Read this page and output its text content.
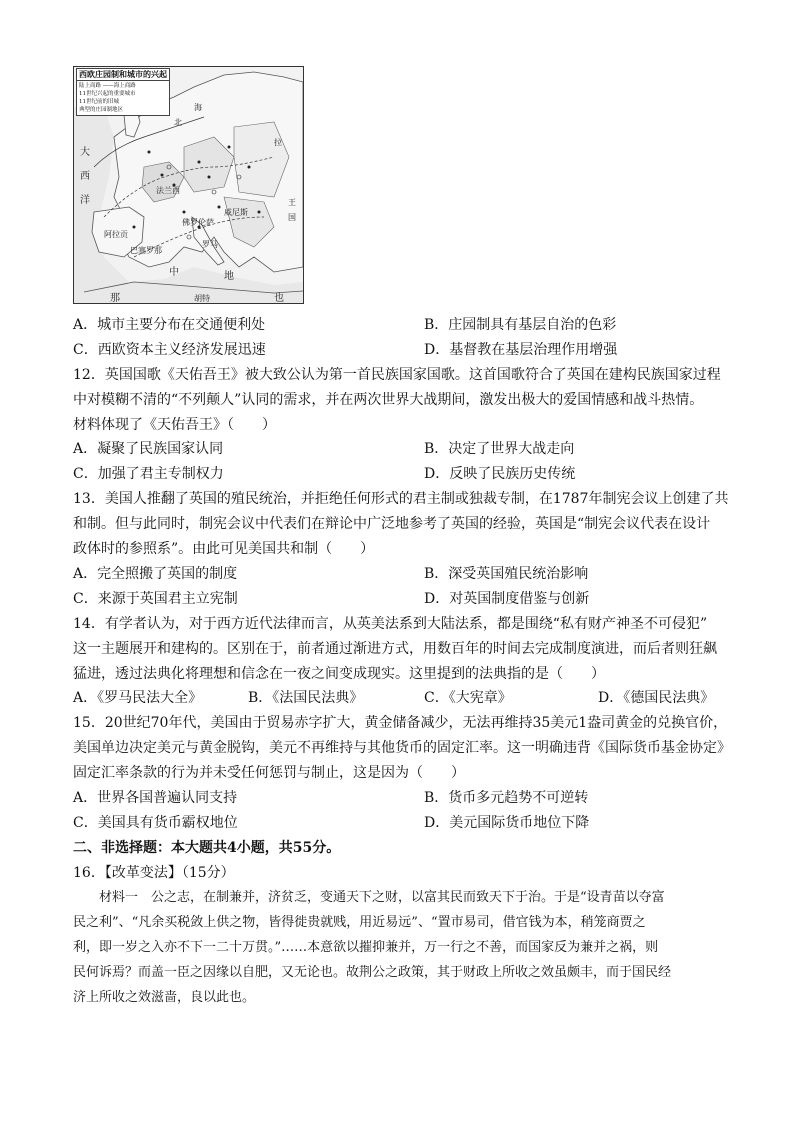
西欧庄园制和城市的兴起
陆上商路 ——海上商路
11世纪兴起的重要城市
11世纪前的旧城
典型的庄园制地区
大
西
洋
北
海
拉
王
国
法兰西
威尼斯
罗马
阿拉贡
巴塞罗那
佛罗伦萨
中	地
那	也
胡特
A．城市主要分布在交通便利处	B．庄园制具有基层自治的色彩
C．西欧资本主义经济发展迅速	D．基督教在基层治理作用增强
12．英国国歌《天佑吾王》被大致公认为第一首民族国家国歌。这首国歌符合了英国在建构民族国家过程
中对模糊不清的“不列颠人”认同的需求，并在两次世界大战期间，激发出极大的爱国情感和战斗热情。
材料体现了《天佑吾王》（　　）
A．凝聚了民族国家认同	B．决定了世界大战走向
C．加强了君主专制权力	D．反映了民族历史传统
13．美国人推翻了英国的殖民统治，并拒绝任何形式的君主制或独裁专制，在1787年制宪会议上创建了共
和制。但与此同时，制宪会议中代表们在辩论中广泛地参考了英国的经验，英国是“制宪会议代表在设计
政体时的参照系”。由此可见美国共和制（　　）
A．完全照搬了英国的制度	B．深受英国殖民统治影响
C．来源于英国君主立宪制	D．对英国制度借鉴与创新
14．有学者认为，对于西方近代法律而言，从英美法系到大陆法系，都是围绕“私有财产神圣不可侵犯”
这一主题展开和建构的。区别在于，前者通过渐进方式，用数百年的时间去完成制度演进，而后者则狂飙
猛进，透过法典化将理想和信念在一夜之间变成现实。这里提到的法典指的是（　　）
A．《罗马民法大全》	B．《法国民法典》	C．《大宪章》	D．《德国民法典》
15．20世纪70年代，美国由于贸易赤字扩大，黄金储备减少，无法再维持35美元1盎司黄金的兑换官价，
美国单边决定美元与黄金脱钩，美元不再维持与其他货币的固定汇率。这一明确违背《国际货币基金协定》
固定汇率条款的行为并未受任何惩罚与制止，这是因为（　　）
A．世界各国普遍认同支持	B．货币多元趋势不可逆转
C．美国具有货币霸权地位	D．美元国际货币地位下降
二、非选择题：本大题共4小题，共55分。
16．【改革变法】（15分）
　　材料一　公之志，在制兼并，济贫乏，变通天下之财，以富其民而致天下于治。于是“设青苗以夺富
民之利”、“凡余买税敛上供之物，皆得徙贵就贱，用近易远”、“置市易司，借官钱为本，稍笼商贾之
利，即一岁之入亦不下一二十万贯。”……本意欲以摧抑兼并，万一行之不善，而国家反为兼并之祸，则
民何诉焉？而盖一臣之因缘以自肥，又无论也。故荆公之政策，其于财政上所收之效虽颇丰，而于国民经
济上所收之效滋啬，良以此也。
